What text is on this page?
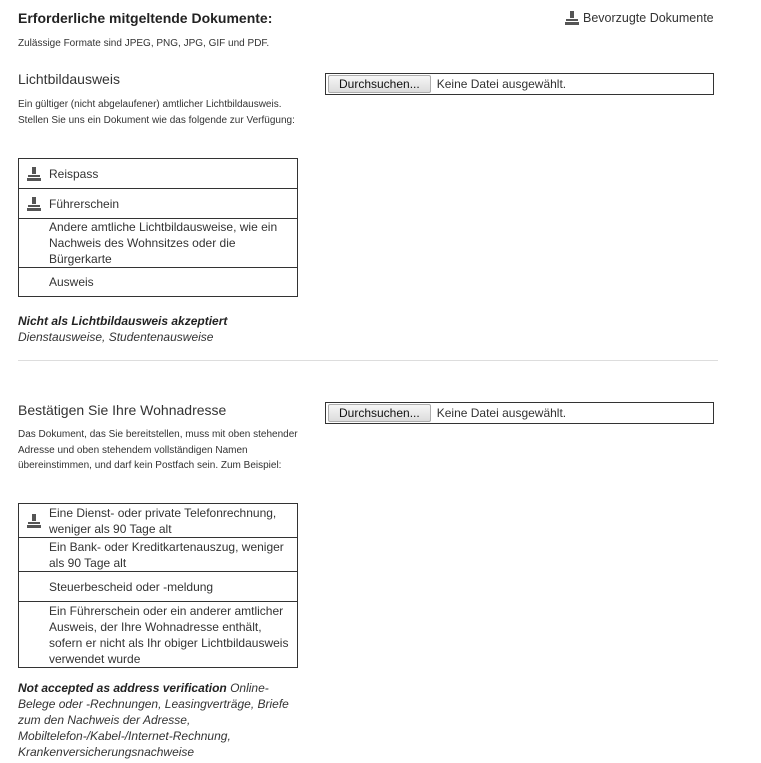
Erforderliche mitgeltende Dokumente:
Zulässige Formate sind JPEG, PNG, JPG, GIF und PDF.
Bevorzugte Dokumente
Lichtbildausweis
Ein gültiger (nicht abgelaufener) amtlicher Lichtbildausweis. Stellen Sie uns ein Dokument wie das folgende zur Verfügung:
Durchsuchen...	Keine Datei ausgewählt.
Reispass
Führerschein
Andere amtliche Lichtbildausweise, wie ein Nachweis des Wohnsitzes oder die Bürgerkarte
Ausweis
Nicht als Lichtbildausweis akzeptiert
Dienstausweise, Studentenausweise
Bestätigen Sie Ihre Wohnadresse
Das Dokument, das Sie bereitstellen, muss mit oben stehender Adresse und oben stehendem vollständigen Namen übereinstimmen, und darf kein Postfach sein. Zum Beispiel:
Durchsuchen...	Keine Datei ausgewählt.
Eine Dienst- oder private Telefonrechnung, weniger als 90 Tage alt
Ein Bank- oder Kreditkartenauszug, weniger als 90 Tage alt
Steuerbescheid oder -meldung
Ein Führerschein oder ein anderer amtlicher Ausweis, der Ihre Wohnadresse enthält, sofern er nicht als Ihr obiger Lichtbildausweis verwendet wurde
Not accepted as address verification Online-Belege oder -Rechnungen, Leasingverträge, Briefe zum den Nachweis der Adresse, Mobiltelefon-/Kabel-/Internet-Rechnung, Krankenversicherungsnachweise
